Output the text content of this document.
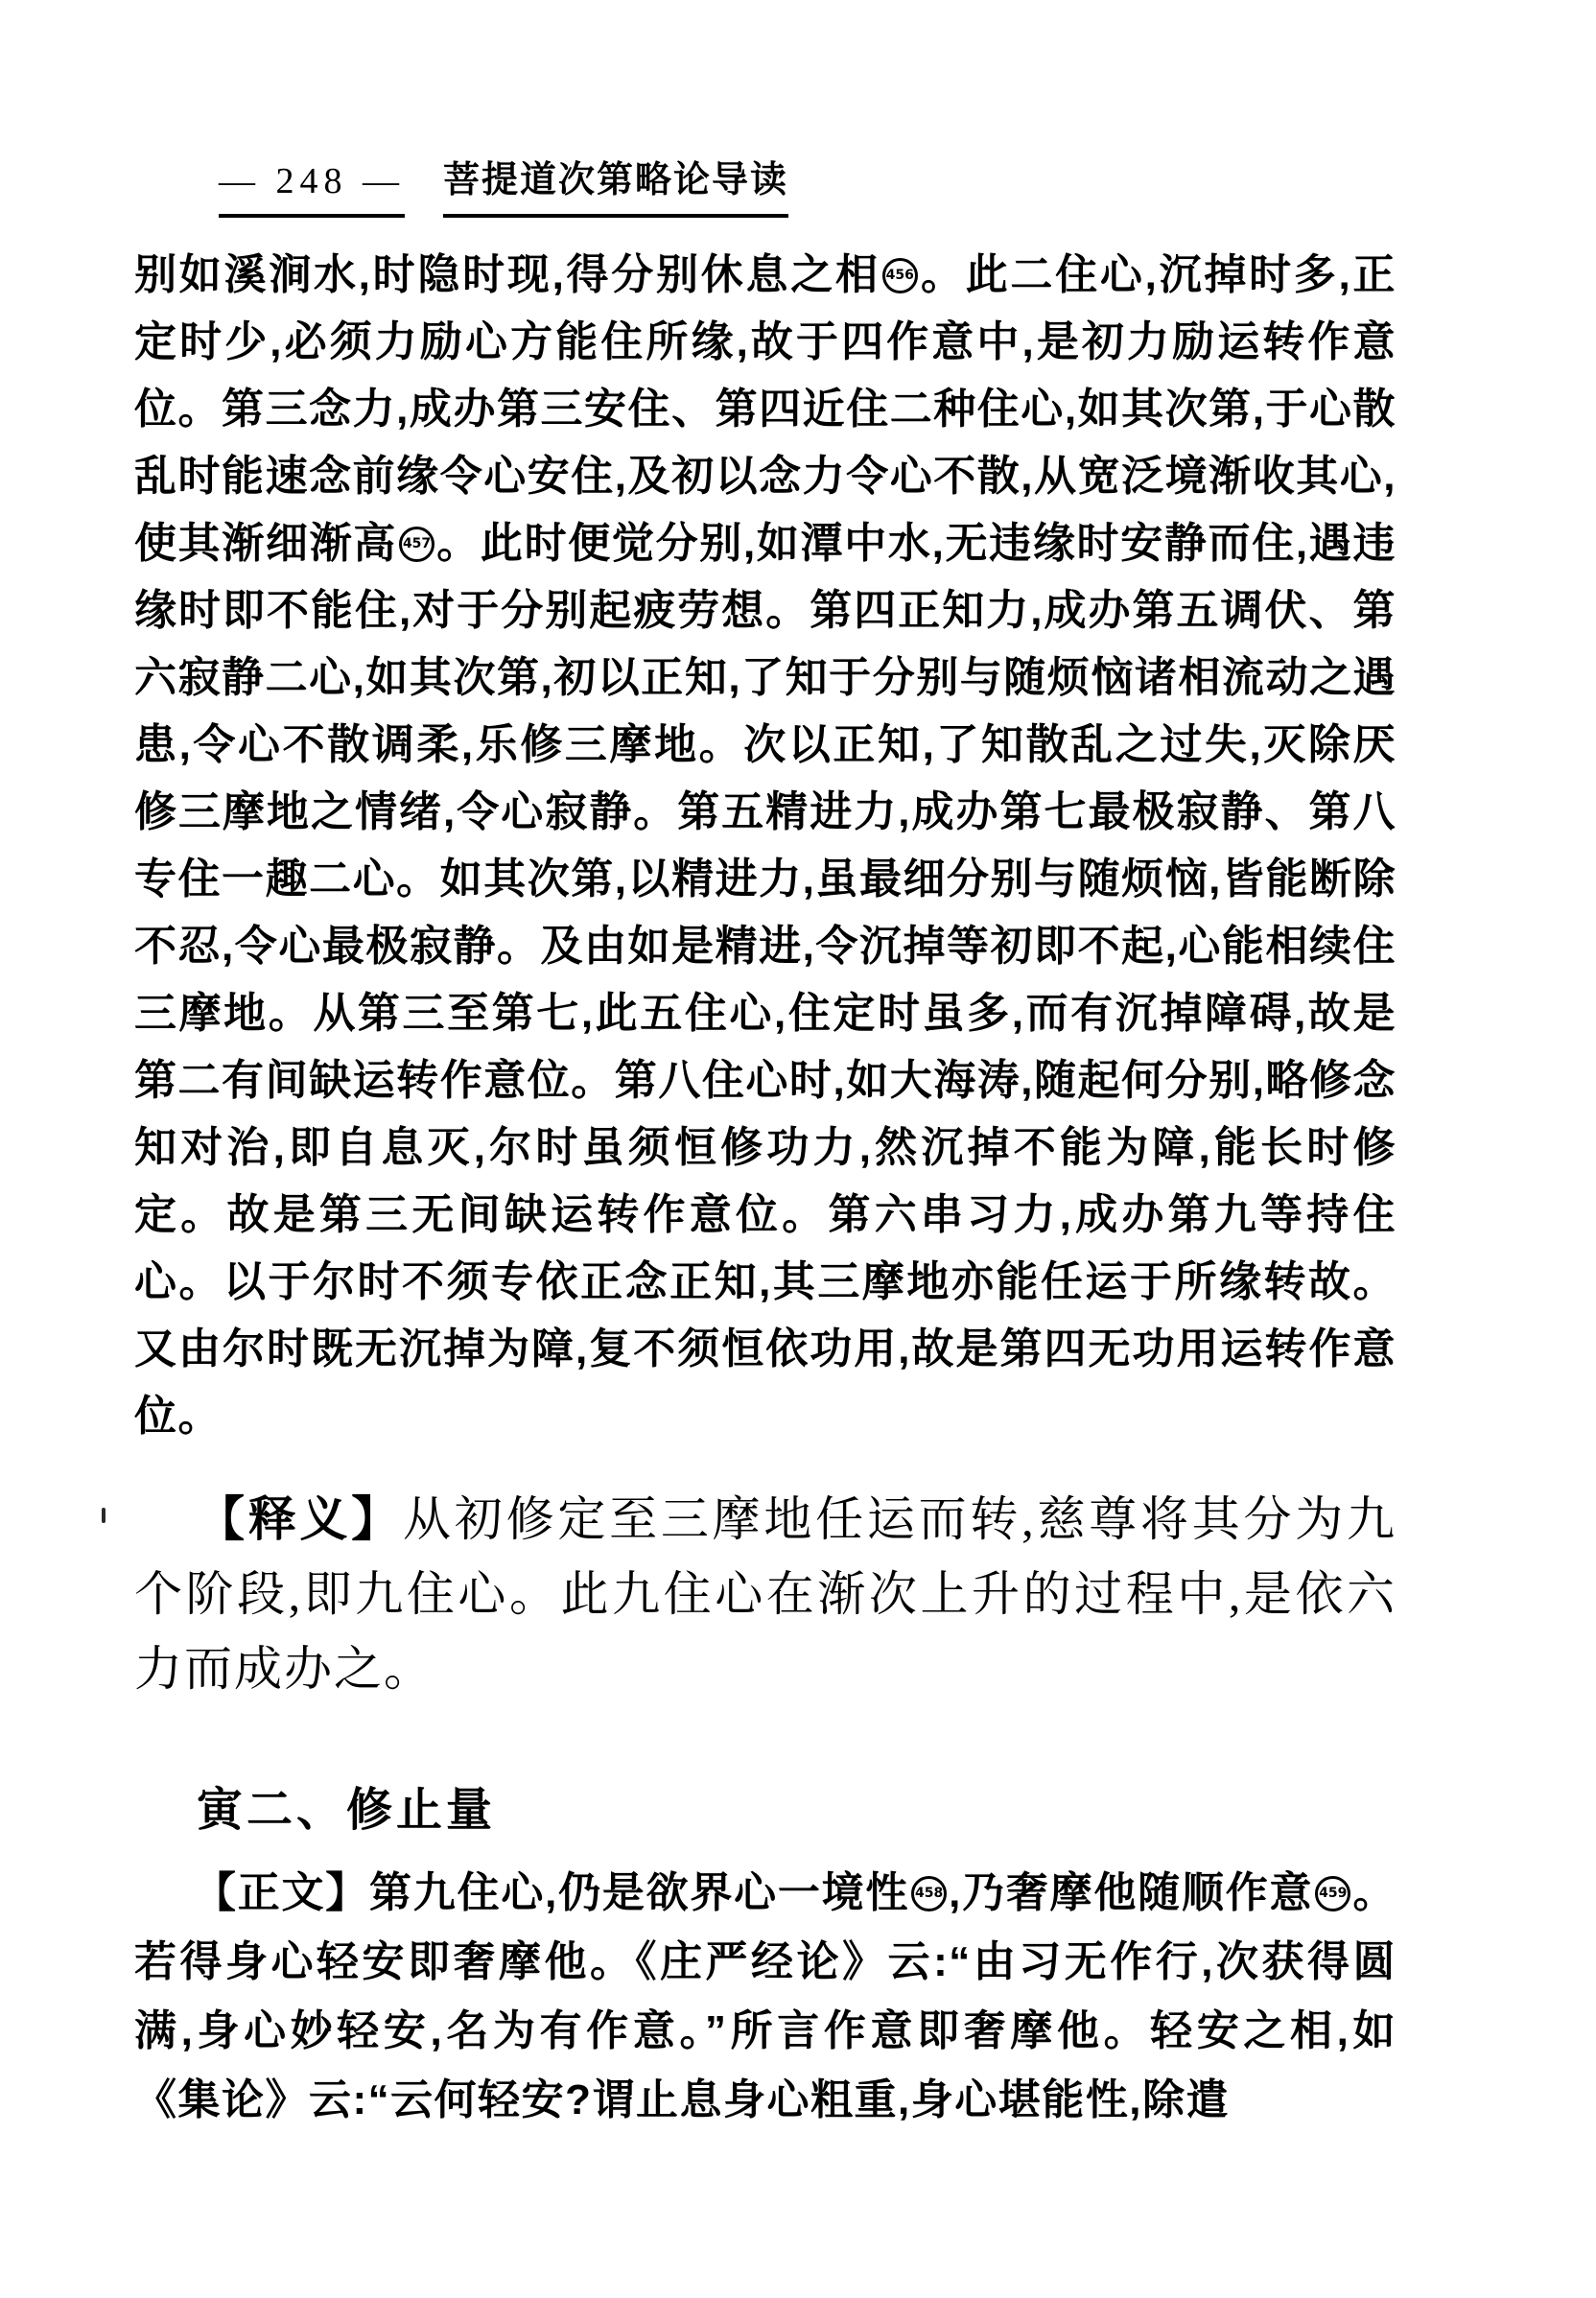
— 248 — 菩提道次第略论导读

别如溪涧水,时隐时现,得分别休息之相 456 。此二住心,沉掉时多,正定时少,必须力励心方能住所缘,故于四作意中,是初力励运转作意位。第三念力,成办第三安住、第四近住二种住心,如其次第,于心散乱时能速念前缘令心安住,及初以念力令心不散,从宽泛境渐收其心,使其渐细渐高 457 。此时便觉分别,如潭中水,无违缘时安静而住,遇违缘时即不能住,对于分别起疲劳想。第四正知力,成办第五调伏、第六寂静二心,如其次第,初以正知,了知于分别与随烦恼诸相流动之遇患,令心不散调柔,乐修三摩地。次以正知,了知散乱之过失,灭除厌修三摩地之情绪,令心寂静。第五精进力,成办第七最极寂静、第八专住一趣二心。如其次第,以精进力,虽最细分别与随烦恼,皆能断除不忍,令心最极寂静。及由如是精进,令沉掉等初即不起,心能相续住三摩地。从第三至第七,此五住心,住定时虽多,而有沉掉障碍,故是第二有间缺运转作意位。第八住心时,如大海涛,随起何分别,略修念知对治,即自息灭,尔时虽须恒修功力,然沉掉不能为障,能长时修定。故是第三无间缺运转作意位。第六串习力,成办第九等持住心。以于尔时不须专依正念正知,其三摩地亦能任运于所缘转故。又由尔时既无沉掉为障,复不须恒依功用,故是第四无功用运转作意位。

【释义】从初修定至三摩地任运而转,慈尊将其分为九个阶段,即九住心。此九住心在渐次上升的过程中,是依六力而成办之。

寅二、修止量

【正文】第九住心,仍是欲界心一境性 458 ,乃奢摩他随顺作意 459 。若得身心轻安即奢摩他。《庄严经论》云:“由习无作行,次获得圆满,身心妙轻安,名为有作意。”所言作意即奢摩他。轻安之相,如《集论》云:“云何轻安?谓止息身心粗重,身心堪能性,除遣
